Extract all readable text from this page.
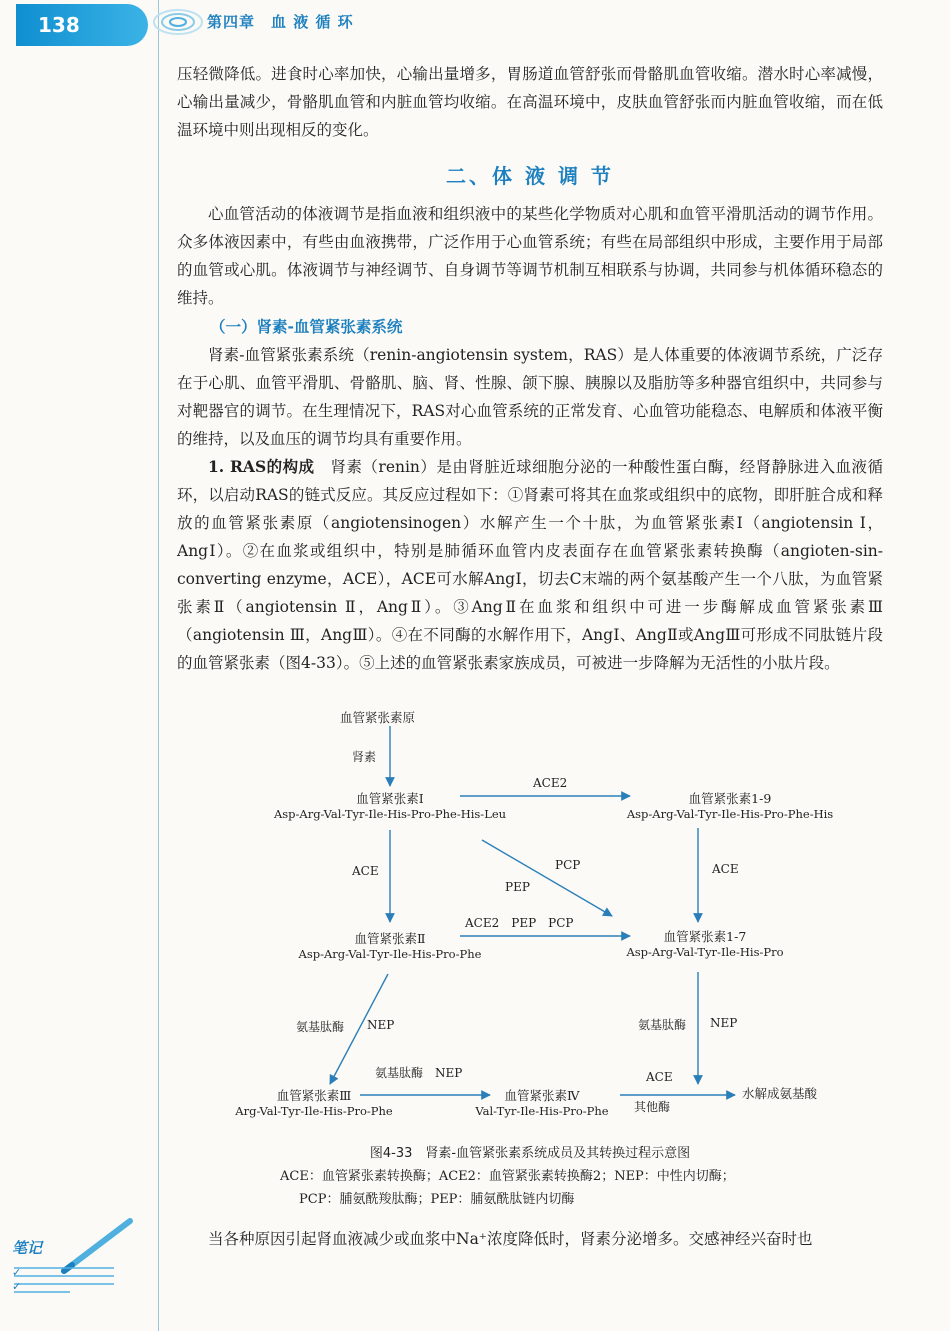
138	第四章　血 液 循 环

压轻微降低。进食时心率加快，心输出量增多，胃肠道血管舒张而骨骼肌血管收缩。潜水时心率减慢，心输出量减少，骨骼肌血管和内脏血管均收缩。在高温环境中，皮肤血管舒张而内脏血管收缩，而在低温环境中则出现相反的变化。

二、体 液 调 节

心血管活动的体液调节是指血液和组织液中的某些化学物质对心肌和血管平滑肌活动的调节作用。众多体液因素中，有些由血液携带，广泛作用于心血管系统；有些在局部组织中形成，主要作用于局部的血管或心肌。体液调节与神经调节、自身调节等调节机制互相联系与协调，共同参与机体循环稳态的维持。

（一）肾素-血管紧张素系统

肾素-血管紧张素系统（renin-angiotensin system，RAS）是人体重要的体液调节系统，广泛存在于心肌、血管平滑肌、骨骼肌、脑、肾、性腺、颌下腺、胰腺以及脂肪等多种器官组织中，共同参与对靶器官的调节。在生理情况下，RAS对心血管系统的正常发育、心血管功能稳态、电解质和体液平衡的维持，以及血压的调节均具有重要作用。

1. RAS的构成　 肾素（renin）是由肾脏近球细胞分泌的一种酸性蛋白酶，经肾静脉进入血液循环，以启动RAS的链式反应。其反应过程如下：①肾素可将其在血浆或组织中的底物，即肝脏合成和释放的血管紧张素原（angiotensinogen）水解产生一个十肽，为血管紧张素Ⅰ（angiotensin Ⅰ，AngⅠ）。②在血浆或组织中，特别是肺循环血管内皮表面存在血管紧张素转换酶（angioten-sin-converting enzyme，ACE），ACE可水解AngⅠ，切去C末端的两个氨基酸产生一个八肽，为血管紧张素Ⅱ（angiotensin Ⅱ，AngⅡ）。③AngⅡ在血浆和组织中可进一步酶解成血管紧张素Ⅲ（angiotensin Ⅲ，AngⅢ）。④在不同酶的水解作用下，AngⅠ、AngⅡ或AngⅢ可形成不同肽链片段的血管紧张素（图4-33）。⑤上述的血管紧张素家族成员，可被进一步降解为无活性的小肽片段。

血管紧张素原
肾素
血管紧张素Ⅰ
Asp-Arg-Val-Tyr-Ile-His-Pro-Phe-His-Leu
ACE2
血管紧张素1-9
Asp-Arg-Val-Tyr-Ile-His-Pro-Phe-His
ACE	PCP
PEP
ACE
血管紧张素Ⅱ
Asp-Arg-Val-Tyr-Ile-His-Pro-Phe
ACE2　PEP　PCP
血管紧张素1-7
Asp-Arg-Val-Tyr-Ile-His-Pro
氨基肽酶 NEP	氨基肽酶 NEP
氨基肽酶　NEP	ACE
其他酶
血管紧张素Ⅲ
Arg-Val-Tyr-Ile-His-Pro-Phe
血管紧张素Ⅳ
Val-Tyr-Ile-His-Pro-Phe
水解成氨基酸
图4-33　肾素-血管紧张素系统成员及其转换过程示意图
ACE：血管紧张素转换酶；ACE2：血管紧张素转换酶2；NEP：中性内切酶；
PCP：脯氨酰羧肽酶；PEP：脯氨酰肽链内切酶

当各种原因引起肾血液减少或血浆中Na⁺浓度降低时，肾素分泌增多。交感神经兴奋时也

笔记
✓
✓
